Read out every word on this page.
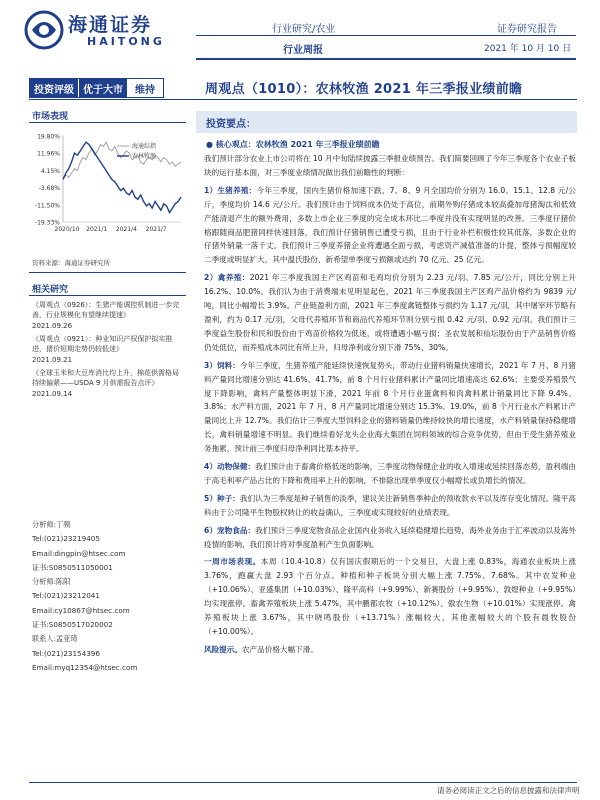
海通证券
HAITONG
行业研究/农业
行业周报
证券研究报告
2021 年 10 月 10 日
投资评级 优于大市	维持	周观点（1010）：农林牧渔 2021 年三季报业绩前瞻
市场表现
19.80%
11.96%
4.15%
-3.68%
-11.50%
-19.33%
2020/10 2021/1 2021/4 2021/7
海通综指
农林牧渔
资料来源：海通证券研究所
相关研究
《周观点（0926）：生猪产能调控机制进一步完善，行业规模化有望继续提速》
2021.09.26
《周观点（0921）：种业知识产权保护拟实推进，猪价短期走势仍较低迷》
2021.09.21
《全球玉米和大豆库消比均上升，棉花供需格局持续偏紧——USDA 9 月供需报告点评》
2021.09.14
分析师:丁频
Tel:(021)23219405
Email:dingpin@htsec.com
证书:S0850511050001
分析师:陈阳
Tel:(021)23212041
Email:cy10867@htsec.com
证书:S0850517020002
联系人:孟亚琦
Tel:(021)23154396
Email:myq12354@htsec.com
投资要点：
● 核心观点：农林牧渔 2021 年三季报业绩前瞻

我们预计部分农业上市公司将在 10 月中旬陆续披露三季报业绩预告。我们简要回顾了今年三季度各个农业子板块的运行基本面，对三季度业绩情况做出我们前瞻性的判断：

1）生猪养殖：今年三季度，国内生猪价格加速下跌，7、8、9 月全国均价分别为 16.0、15.1、12.8 元/公斤，季度均价 14.6 元/公斤。我们预计由于饲料成本仍处于高位，前期外购仔猪成本较高叠加母猪淘汰和低效产能清退产生的额外费用，多数上市企业三季度的完全成本环比二季度并没有实现明显的改善。三季度仔猪价格跟随商品肥猪同样快速回落，我们预计仔猪销售已遭受亏损，且由于行业补栏积极性较其低落，多数企业的仔猪外销量一落千丈。我们预计三季度养猪企业将遭遇全面亏损，考虑资产减值准备的计提，整体亏损幅度较二季度或明显扩大，其中温氏股份、新希望单季度亏损额或达约 70 亿元、25 亿元。

2）禽养殖：2021 年三季度我国主产区鸡苗和毛鸡均价分别为 2.23 元/羽、7.85 元/公斤，同比分别上升 16.2%、10.0%。我们认为由于消费端未见明显起色，2021 年三季度我国主产区鸡产品价格约为 9839 元/吨，同比小幅增长 3.9%。产业链盈利方面，2021 年三季度禽链整体亏损约为 1.17 元/羽，其中屠宰环节略有盈利，约为 0.17 元/羽，父母代养殖环节和商品代养殖环节则分别亏损 0.42 元/羽、0.92 元/羽。我们预计三季度益生股份和民和股份由于鸡苗价格较为低迷，或将遭遇小幅亏损；圣农发展和仙坛股份由于产品销售价格仍处低位，而养殖成本同比有所上升，归母净利或分别下滑 75%、30%。

3）饲料：今年三季度，生猪养殖产能延续快速恢复势头，带动行业猪料销量快速增长，2021 年 7 月、8 月猪料产量同比增速分别达 41.6%、41.7%，前 8 个月行业猪料累计产量同比增速高达 62.6%；主要受养殖景气度下降影响，禽料产量整体明显下滑，2021 年前 8 个月行业蛋禽料和肉禽料累计销量同比下降 9.4%、3.8%；水产料方面，2021 年 7 月、8 月产量同比增速分别达 15.3%、19.0%，前 8 个月行业水产料累计产量同比上升 12.7%。我们估计三季度大型饲料企业的猪料销量仍维持较快的增长速度，水产料销量保持稳健增长，禽料销量增速不明显。我们继续看好龙头企业海大集团在饲料领域的综合竞争优势，但由于受生猪养殖业务拖累，预计前三季度归母净利同比基本持平。

4）动物保健：我们预计由于畜禽价格低迷的影响，三季度动物保健企业的收入增速或延续回落态势，盈利端由于高毛利率产品占比的下降和费用率上升的影响，不排除出现单季度仅小幅增长或负增长的情况。

5）种子：我们认为三季度是种子销售的淡季，建议关注新销售季种企的预收款水平以及库存变化情况。隆平高科由于公司隆平生物股权转让的收益确认，三季度或实现较好的业绩表现。

6）宠物食品：我们预计三季度宠物食品企业国内业务收入延续稳健增长趋势，海外业务由于汇率波动以及海外疫情的影响，我们预计将对季度盈利产生负面影响。

一周市场表现。本周（10.4-10.8）仅有国庆假期后的一个交易日，大盘上涨 0.83%，海通农业板块上涨 3.76%，跑赢大盘 2.93 个百分点。种植和种子板块分别大幅上涨 7.75%、7.68%。其中农发种业（+10.06%）、亚盛集团（+10.03%）、隆平高科（+9.99%）、新赛股份（+9.95%）、敦煌种业（+9.95%）均实现涨停。畜禽养殖板块上涨 5.47%，其中鹏都农牧（+10.12%）、傲农生物（+10.01%）实现涨停。禽养殖板块上涨 3.67%，其中晓鸣股份（+13.71%）涨幅较大，其他涨幅较大的个股有晨牧股份（+10.00%）。

风险提示。农产品价格大幅下滑。

请务必阅读正文之后的信息披露和法律声明
